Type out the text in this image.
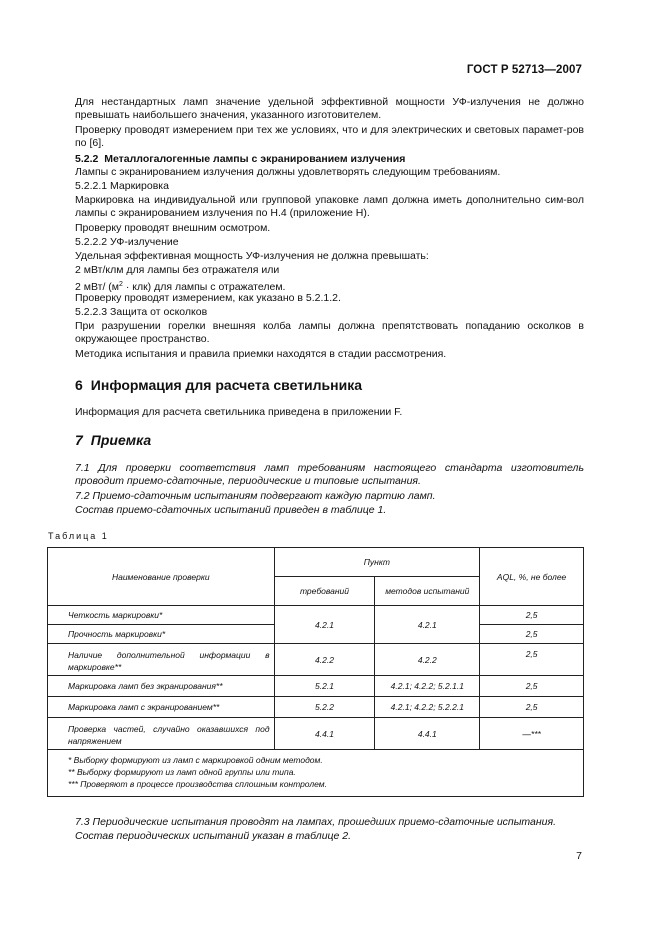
ГОСТ Р 52713—2007
Для нестандартных ламп значение удельной эффективной мощности УФ-излучения не должно превышать наибольшего значения, указанного изготовителем.
Проверку проводят измерением при тех же условиях, что и для электрических и световых парамет-ров по [6].
5.2.2 Металлогалогенные лампы с экранированием излучения
Лампы с экранированием излучения должны удовлетворять следующим требованиям.
5.2.2.1 Маркировка
Маркировка на индивидуальной или групповой упаковке ламп должна иметь дополнительно сим-вол лампы с экранированием излучения по Н.4 (приложение Н).
Проверку проводят внешним осмотром.
5.2.2.2 УФ-излучение
Удельная эффективная мощность УФ-излучения не должна превышать:
2 мВт/клм для лампы без отражателя или
2 мВт/ $(м^2 \cdot клк)$ для лампы с отражателем.
Проверку проводят измерением, как указано в 5.2.1.2.
5.2.2.3 Защита от осколков
При разрушении горелки внешняя колба лампы должна препятствовать попаданию осколков в окружающее пространство.
Методика испытания и правила приемки находятся в стадии рассмотрения.
6 Информация для расчета светильника
Информация для расчета светильника приведена в приложении F.
7 Приемка
7.1 Для проверки соответствия ламп требованиям настоящего стандарта изготовитель проводит приемо-сдаточные, периодические и типовые испытания.
7.2 Приемо-сдаточным испытаниям подвергают каждую партию ламп.
Состав приемо-сдаточных испытаний приведен в таблице 1.
Таблица 1
Наименование проверки	Пункт		AQL, %, не более
	требований	методов испытаний	
Четкость маркировки*	4.2.1	4.2.1	2,5
Прочность маркировки*			2,5
Наличие дополнительной информации в маркировке**	4.2.2	4.2.2	2,5
Маркировка ламп без экранирования**	5.2.1	4.2.1; 4.2.2; 5.2.1.1	2,5
Маркировка ламп с экранированием**	5.2.2	4.2.1; 4.2.2; 5.2.2.1	2,5
Проверка частей, случайно оказавшихся под напряжением	4.4.1	4.4.1	—***

* Выборку формируют из ламп с маркировкой одним методом.
** Выборку формируют из ламп одной группы или типа.
*** Проверяют в процессе производства сплошным контролем.			
7.3 Периодические испытания проводят на лампах, прошедших приемо-сдаточные испытания.
Состав периодических испытаний указан в таблице 2.
7
